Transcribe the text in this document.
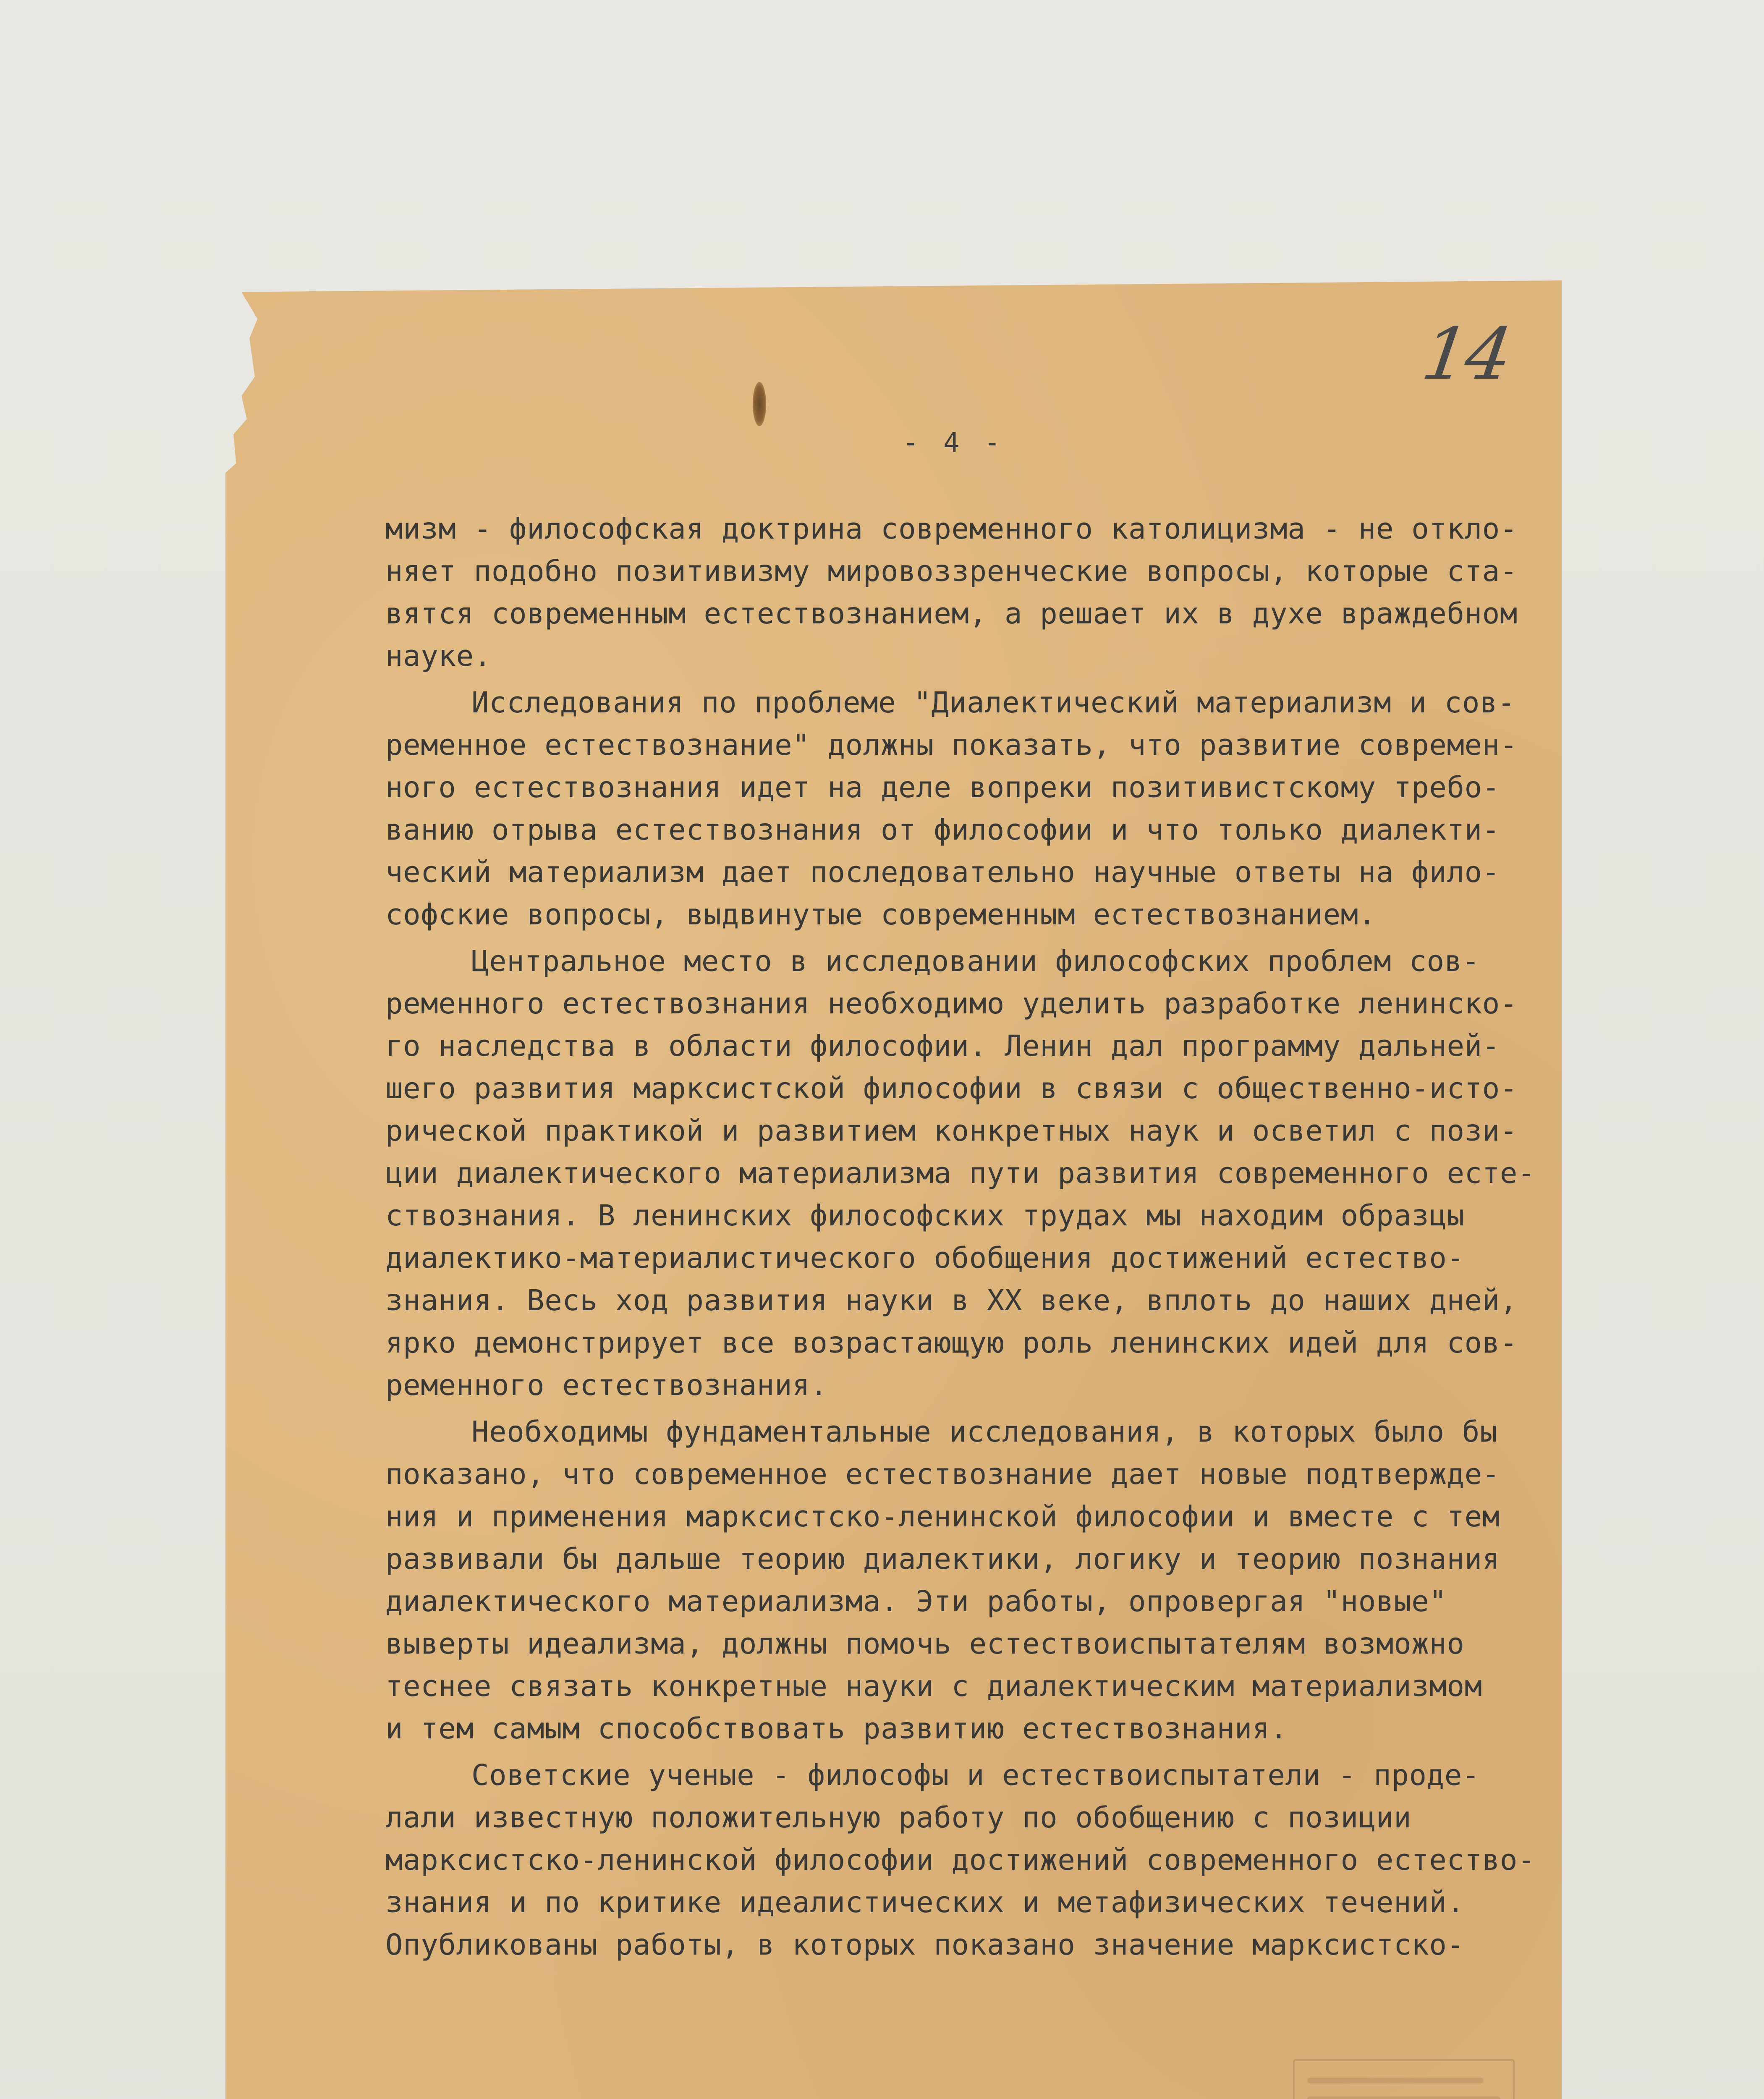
14
- 4 -
мизм - философская доктрина современного католицизма - не откло-
няет подобно позитивизму мировоззренческие вопросы, которые ста-
вятся современным естествознанием, а решает их в духе враждебном
науке.
Исследования по проблеме "Диалектический материализм и сов-
ременное естествознание" должны показать, что развитие современ-
ного естествознания идет на деле вопреки позитивистскому требо-
ванию отрыва естествознания от философии и что только диалекти-
ческий материализм дает последовательно научные ответы на фило-
софские вопросы, выдвинутые современным естествознанием.
Центральное место в исследовании философских проблем сов-
ременного естествознания необходимо уделить разработке ленинско-
го наследства в области философии. Ленин дал программу дальней-
шего развития марксистской философии в связи с общественно-исто-
рической практикой и развитием конкретных наук и осветил с пози-
ции диалектического материализма пути развития современного есте-
ствознания. В ленинских философских трудах мы находим образцы
диалектико-материалистического обобщения достижений естество-
знания. Весь ход развития науки в XX веке, вплоть до наших дней,
ярко демонстрирует все возрастающую роль ленинских идей для сов-
ременного естествознания.
Необходимы фундаментальные исследования, в которых было бы
показано, что современное естествознание дает новые подтвержде-
ния и применения марксистско-ленинской философии и вместе с тем
развивали бы дальше теорию диалектики, логику и теорию познания
диалектического материализма. Эти работы, опровергая "новые"
выверты идеализма, должны помочь естествоиспытателям возможно
теснее связать конкретные науки с диалектическим материализмом
и тем самым способствовать развитию естествознания.
Советские ученые - философы и естествоиспытатели - проде-
лали известную положительную работу по обобщению с позиции
марксистско-ленинской философии достижений современного естество-
знания и по критике идеалистических и метафизических течений.
Опубликованы работы, в которых показано значение марксистско-
